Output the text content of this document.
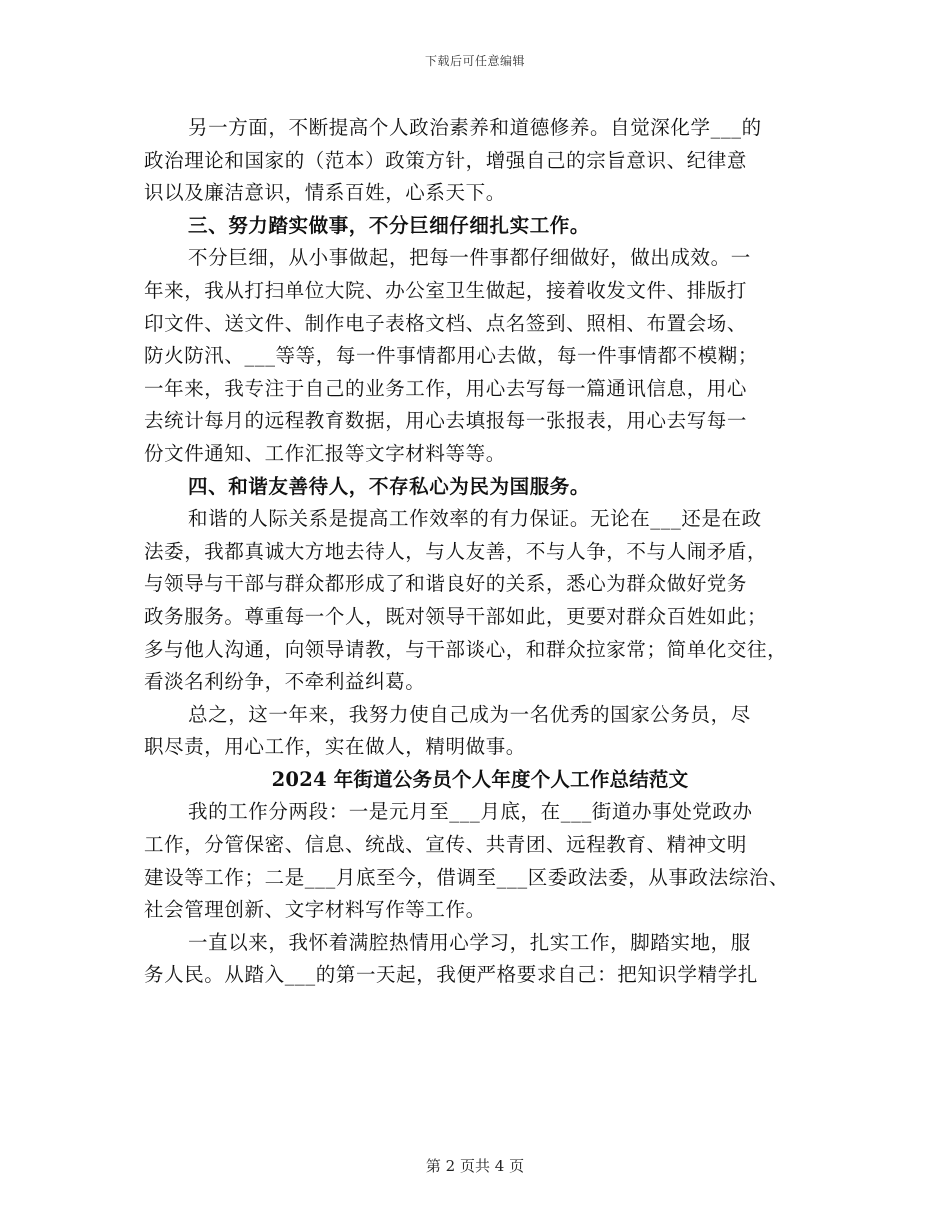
下载后可任意编辑
另一方面，不断提高个人政治素养和道德修养。自觉深化学___的
政治理论和国家的（范本）政策方针，增强自己的宗旨意识、纪律意
识以及廉洁意识，情系百姓，心系天下。
三、努力踏实做事，不分巨细仔细扎实工作。
不分巨细，从小事做起，把每一件事都仔细做好，做出成效。一
年来，我从打扫单位大院、办公室卫生做起，接着收发文件、排版打
印文件、送文件、制作电子表格文档、点名签到、照相、布置会场、
防火防汛、___等等，每一件事情都用心去做，每一件事情都不模糊；
一年来，我专注于自己的业务工作，用心去写每一篇通讯信息，用心
去统计每月的远程教育数据，用心去填报每一张报表，用心去写每一
份文件通知、工作汇报等文字材料等等。
四、和谐友善待人，不存私心为民为国服务。
和谐的人际关系是提高工作效率的有力保证。无论在___还是在政
法委，我都真诚大方地去待人，与人友善，不与人争，不与人闹矛盾，
与领导与干部与群众都形成了和谐良好的关系，悉心为群众做好党务
政务服务。尊重每一个人，既对领导干部如此，更要对群众百姓如此；
多与他人沟通，向领导请教，与干部谈心，和群众拉家常；简单化交往，
看淡名利纷争，不牵利益纠葛。
总之，这一年来，我努力使自己成为一名优秀的国家公务员，尽
职尽责，用心工作，实在做人，精明做事。
2024 年街道公务员个人年度个人工作总结范文
我的工作分两段：一是元月至___月底，在___街道办事处党政办
工作，分管保密、信息、统战、宣传、共青团、远程教育、精神文明
建设等工作；二是___月底至今，借调至___区委政法委，从事政法综治、
社会管理创新、文字材料写作等工作。
一直以来，我怀着满腔热情用心学习，扎实工作，脚踏实地，服
务人民。从踏入___的第一天起，我便严格要求自己：把知识学精学扎
第 2 页共 4 页
